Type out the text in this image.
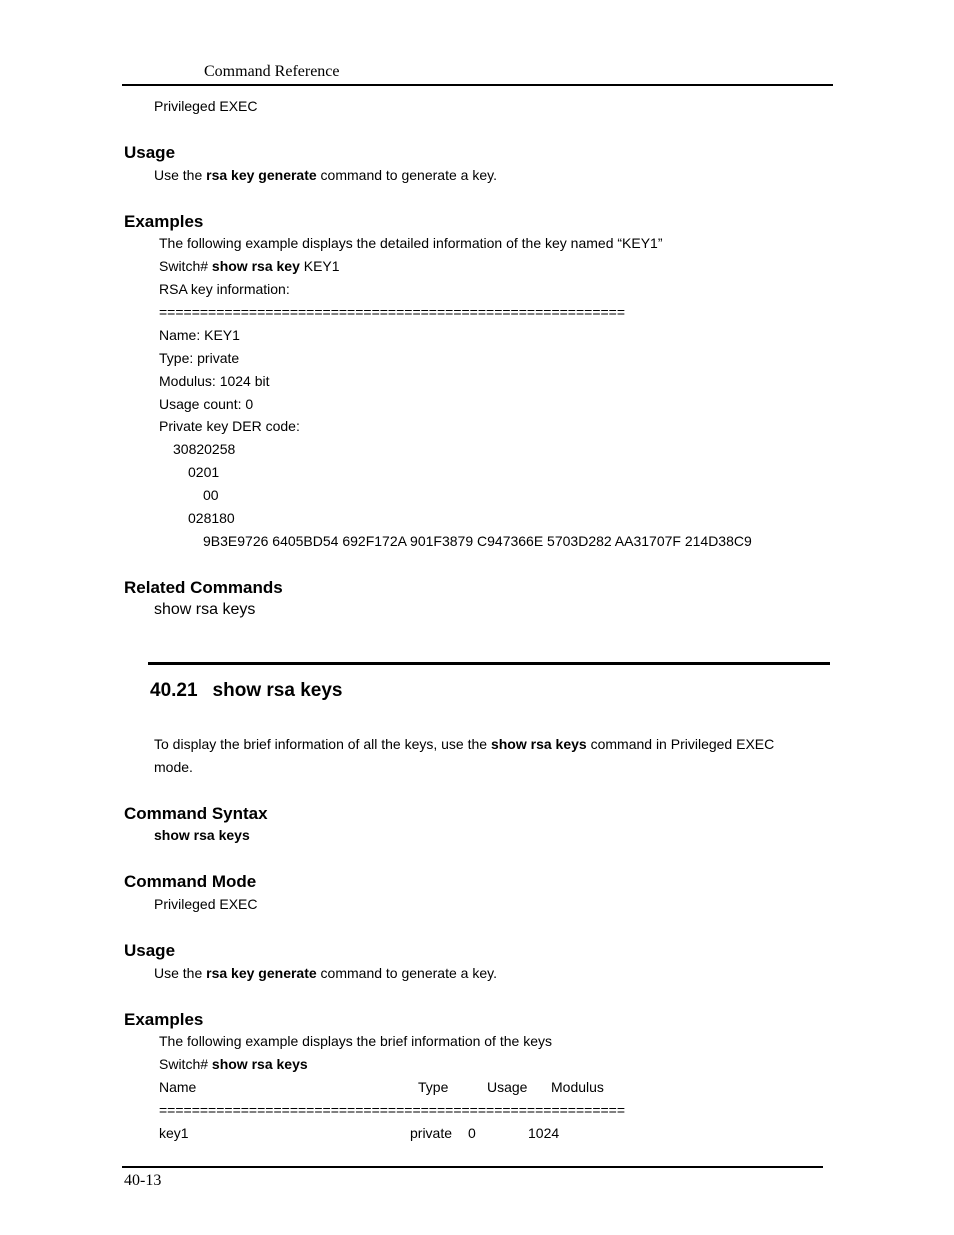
Command Reference
Privileged EXEC
Usage
Use the rsa key generate command to generate a key.
Examples
The following example displays the detailed information of the key named “KEY1”
Switch# show rsa key KEY1
RSA key information:
=========================================================
Name: KEY1
Type: private
Modulus: 1024 bit
Usage count: 0
Private key DER code:
30820258
0201
00
028180
9B3E9726 6405BD54 692F172A 901F3879 C947366E 5703D282 AA31707F 214D38C9
Related Commands
show rsa keys
40.21 show rsa keys
To display the brief information of all the keys, use the show rsa keys command in Privileged EXEC
mode.
Command Syntax
show rsa keys
Command Mode
Privileged EXEC
Usage
Use the rsa key generate command to generate a key.
Examples
The following example displays the brief information of the keys
Switch# show rsa keys
Name	Type	Usage Modulus
=========================================================
key1	private 0	1024
40-13
